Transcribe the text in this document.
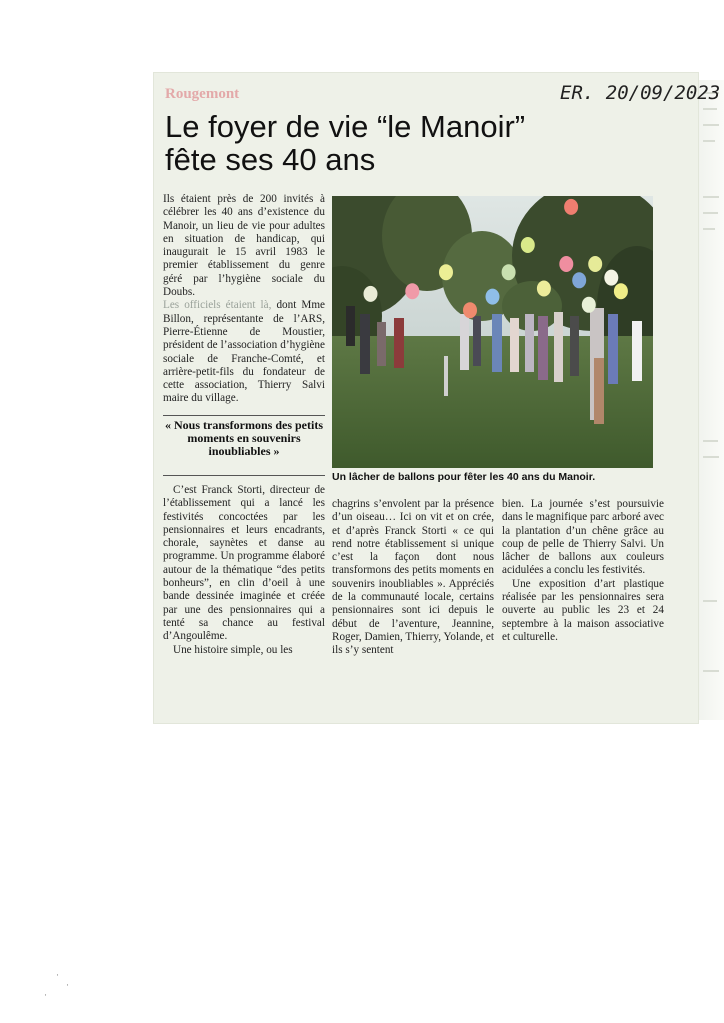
Rougemont	ER. 20/09/2023
Le foyer de vie “le Manoir”
fête ses 40 ans
Ils étaient près de 200 invités à célébrer les 40 ans d’existence du Manoir, un lieu de vie pour adultes en situation de handicap, qui inaugurait le 15 avril 1983 le premier établissement du genre géré par l’hygiène sociale du Doubs.
Les officiels étaient là, dont Mme Billon, représentante de l’ARS, Pierre-Étienne de Moustier, président de l’association d’hygiène sociale de Franche-Comté, et arrière-petit-fils du fondateur de cette association, Thierry Salvi maire du village.

« Nous transformons des petits moments en souvenirs inoubliables »

Un lâcher de ballons pour fêter les 40 ans du Manoir.

C’est Franck Storti, directeur de l’établissement qui a lancé les festivités concoctées par les pensionnaires et leurs encadrants, chorale, saynètes et danse au programme. Un programme élaboré autour de la thématique “des petits bonheurs”, en clin d’oeil à une bande dessinée imaginée et créée par une des pensionnaires qui a tenté sa chance au festival d’Angoulême.

Une histoire simple, ou les

chagrins s’envolent par la présence d’un oiseau… Ici on vit et on crée, et d’après Franck Storti « ce qui rend notre établissement si unique c’est la façon dont nous transformons des petits moments en souvenirs inoubliables ». Appréciés de la communauté locale, certains pensionnaires sont ici depuis le début de l’aventure, Jeannine, Roger, Damien, Thierry, Yolande, et ils s’y sentent

bien. La journée s’est poursuivie dans le magnifique parc arboré avec la plantation d’un chêne grâce au coup de pelle de Thierry Salvi. Un lâcher de ballons aux couleurs acidulées a conclu les festivités.

Une exposition d’art plastique réalisée par les pensionnaires sera ouverte au public les 23 et 24 septembre à la maison associative et culturelle.

·
·
·
